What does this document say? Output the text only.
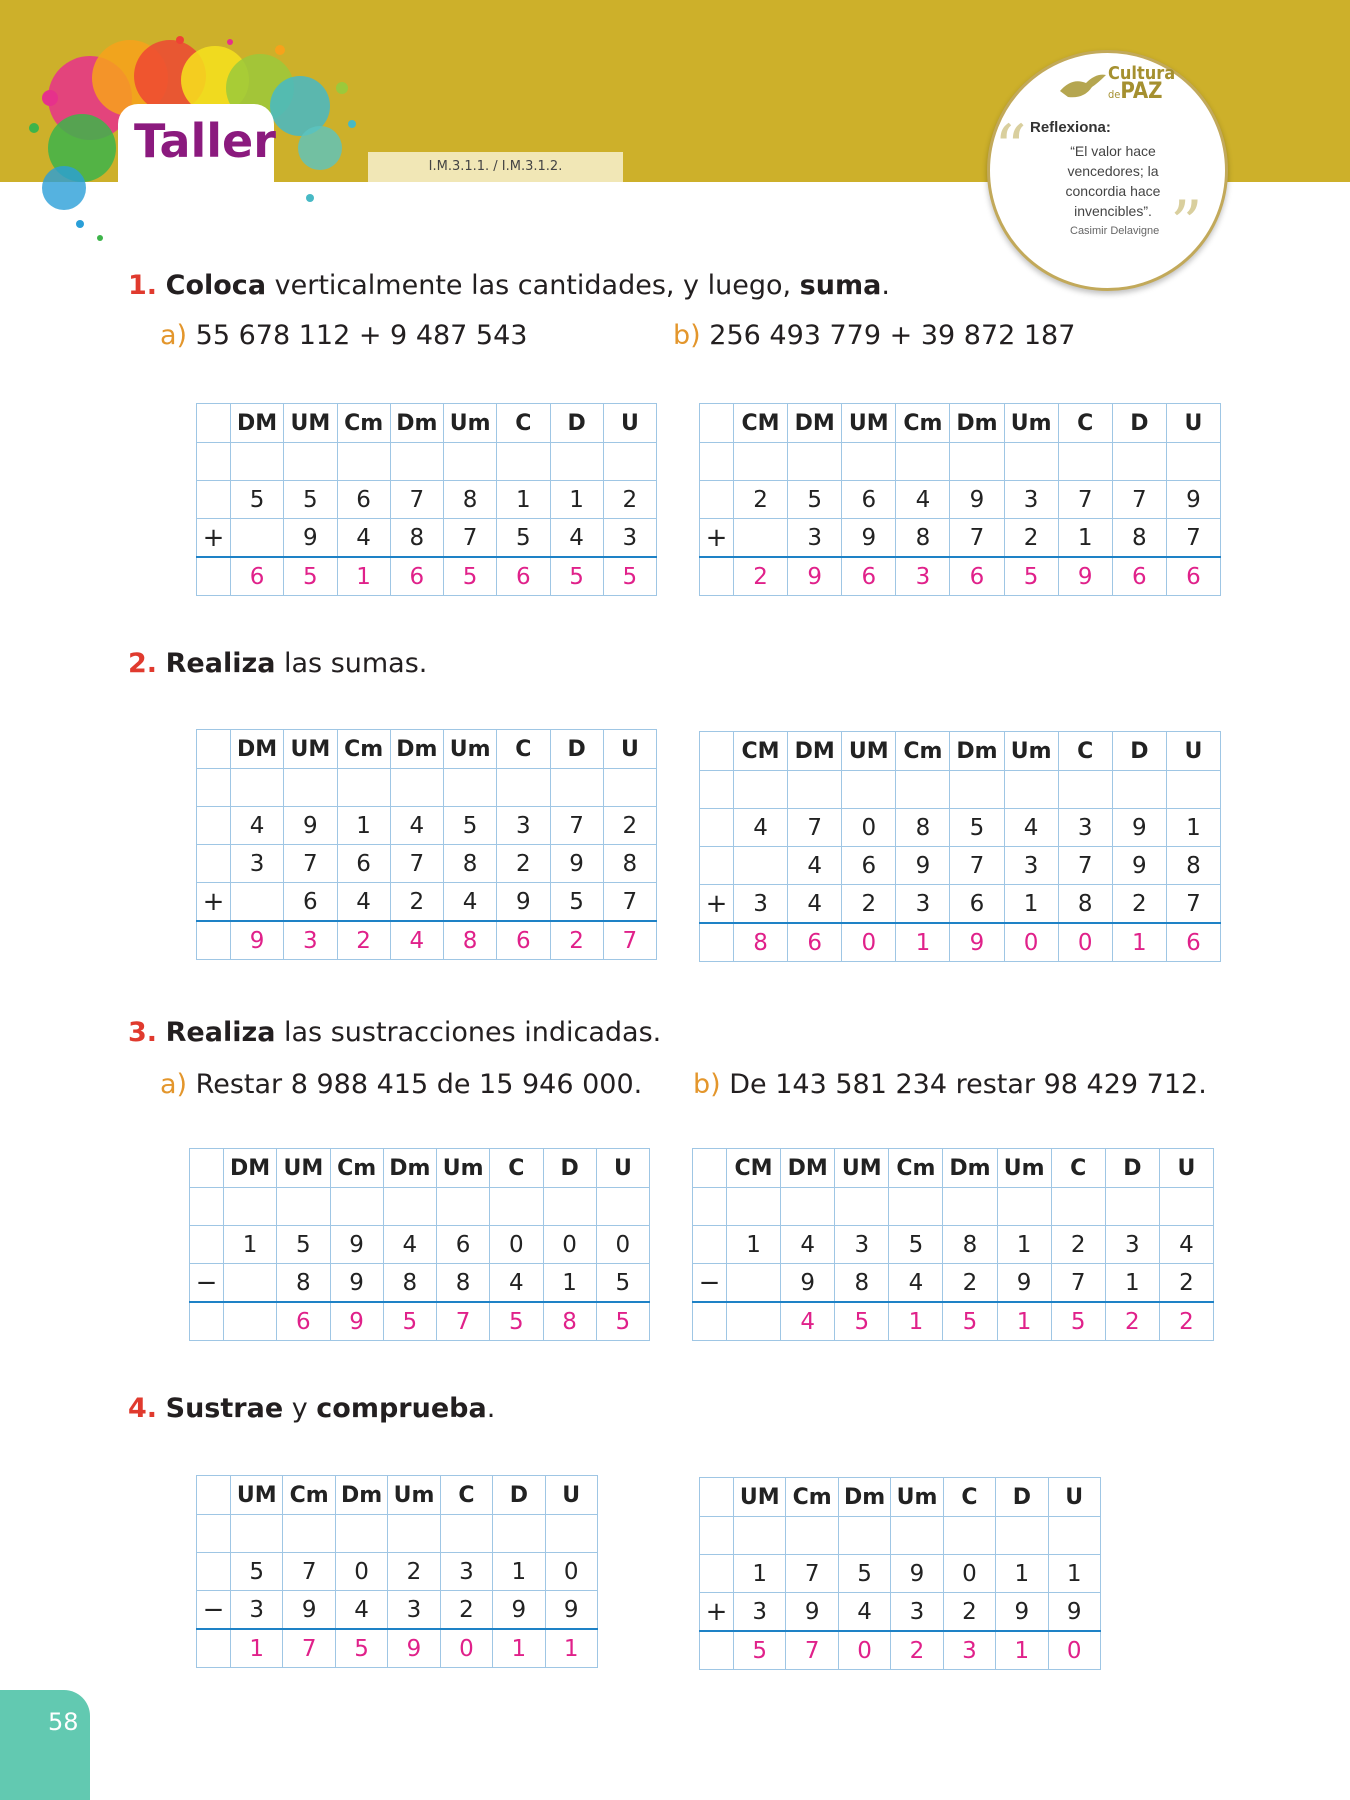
Taller	I.M.3.1.1. / I.M.3.1.2.
Cultura
dePAZ
“ Reflexiona:
“El valor hace vencedores; la concordia hace invencibles”.
Casimir Delavigne ”
1. Coloca verticalmente las cantidades, y luego, suma.
a) 55 678 112 + 9 487 543	b) 256 493 779 + 39 872 187
	DM	UM	Cm	Dm	Um	C	D	U

	5	5	6	7	8	1	1	2
+		9	4	8	7	5	4	3
	6	5	1	6	5	6	5	5
	CM	DM	UM	Cm	Dm	Um	C	D	U

	2	5	6	4	9	3	7	7	9
+		3	9	8	7	2	1	8	7
	2	9	6	3	6	5	9	6	6
2. Realiza las sumas.
	DM	UM	Cm	Dm	Um	C	D	U

	4	9	1	4	5	3	7	2
	3	7	6	7	8	2	9	8
+		6	4	2	4	9	5	7
	9	3	2	4	8	6	2	7
	CM	DM	UM	Cm	Dm	Um	C	D	U

	4	7	0	8	5	4	3	9	1
		4	6	9	7	3	7	9	8
+	3	4	2	3	6	1	8	2	7
	8	6	0	1	9	0	0	1	6
3. Realiza las sustracciones indicadas.
a) Restar 8 988 415 de 15 946 000. b) De 143 581 234 restar 98 429 712.
	DM	UM	Cm	Dm	Um	C	D	U

	1	5	9	4	6	0	0	0
−		8	9	8	8	4	1	5
		6	9	5	7	5	8	5
	CM	DM	UM	Cm	Dm	Um	C	D	U

	1	4	3	5	8	1	2	3	4
−		9	8	4	2	9	7	1	2
		4	5	1	5	1	5	2	2
4. Sustrae y comprueba.
	UM	Cm	Dm	Um	C	D	U

	5	7	0	2	3	1	0
−	3	9	4	3	2	9	9
	1	7	5	9	0	1	1
	UM	Cm	Dm	Um	C	D	U

	1	7	5	9	0	1	1
+	3	9	4	3	2	9	9
	5	7	0	2	3	1	0
58
